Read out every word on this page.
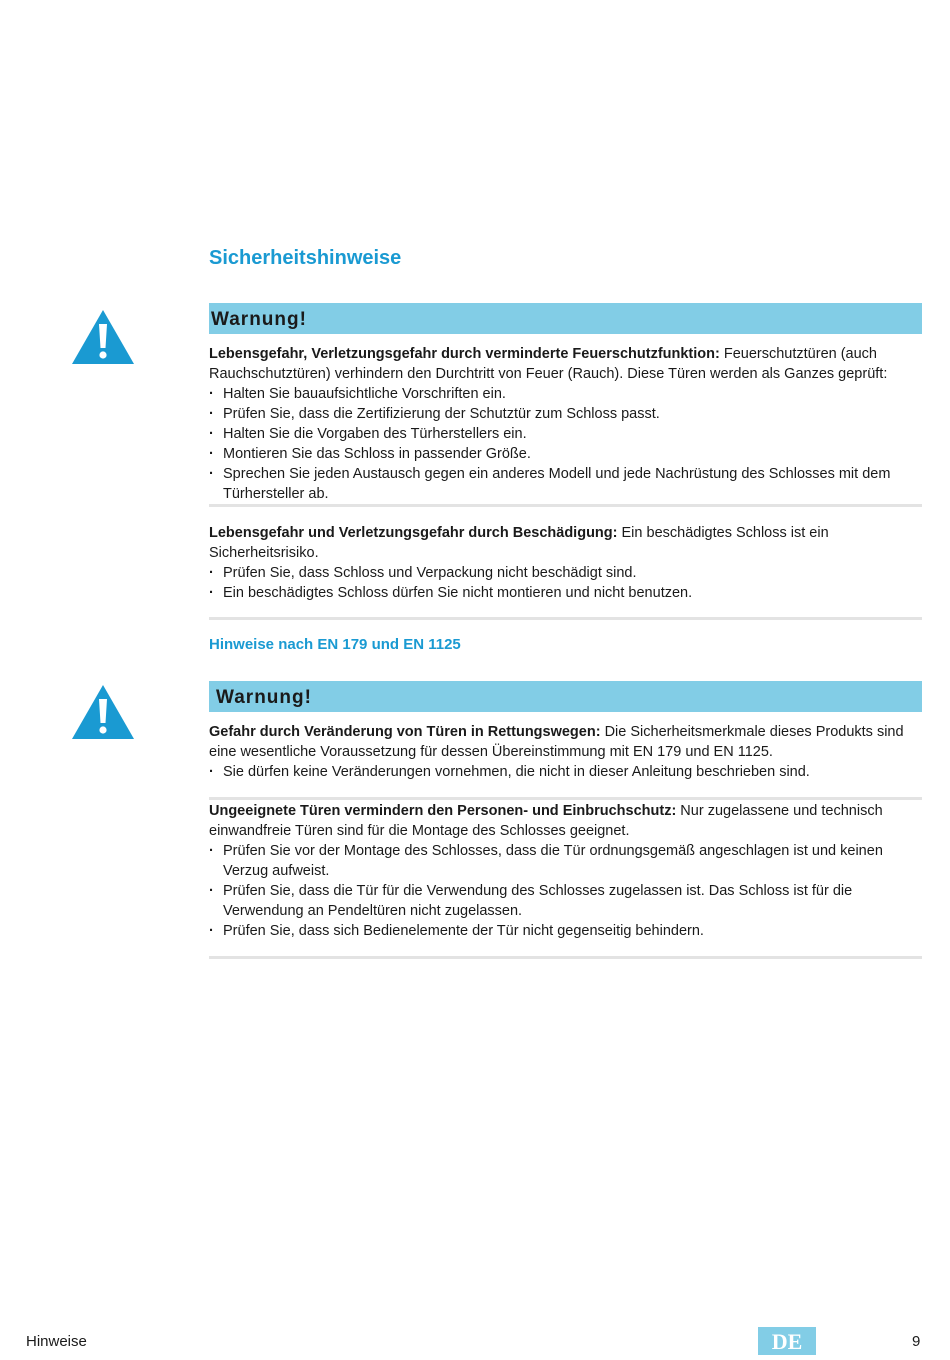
Sicherheitshinweise
Warnung!

Lebensgefahr, Verletzungsgefahr durch verminderte Feuerschutzfunktion: Feuerschutztüren (auch Rauchschutztüren) verhindern den Durchtritt von Feuer (Rauch). Diese Türen werden als Ganzes geprüft:

· Halten Sie bauaufsichtliche Vorschriften ein.
· Prüfen Sie, dass die Zertifizierung der Schutztür zum Schloss passt.
· Halten Sie die Vorgaben des Türherstellers ein.
· Montieren Sie das Schloss in passender Größe.
· Sprechen Sie jeden Austausch gegen ein anderes Modell und jede Nachrüstung des Schlosses mit dem Türhersteller ab.

Lebensgefahr und Verletzungsgefahr durch Beschädigung: Ein beschädigtes Schloss ist ein Sicherheitsrisiko.

· Prüfen Sie, dass Schloss und Verpackung nicht beschädigt sind.
· Ein beschädigtes Schloss dürfen Sie nicht montieren und nicht benutzen.
Hinweise nach EN 179 und EN 1125
Warnung!

Gefahr durch Veränderung von Türen in Rettungswegen: Die Sicherheitsmerkmale dieses Produkts sind eine wesentliche Voraussetzung für dessen Übereinstimmung mit EN 179 und EN 1125.

· Sie dürfen keine Veränderungen vornehmen, die nicht in dieser Anleitung beschrieben sind.

Ungeeignete Türen vermindern den Personen- und Einbruchschutz: Nur zugelassene und technisch einwandfreie Türen sind für die Montage des Schlosses geeignet.

· Prüfen Sie vor der Montage des Schlosses, dass die Tür ordnungsgemäß angeschlagen ist und keinen Verzug aufweist.
· Prüfen Sie, dass die Tür für die Verwendung des Schlosses zugelassen ist. Das Schloss ist für die Verwendung an Pendeltüren nicht zugelassen.
· Prüfen Sie, dass sich Bedienelemente der Tür nicht gegenseitig behindern.
Hinweise	DE	9
